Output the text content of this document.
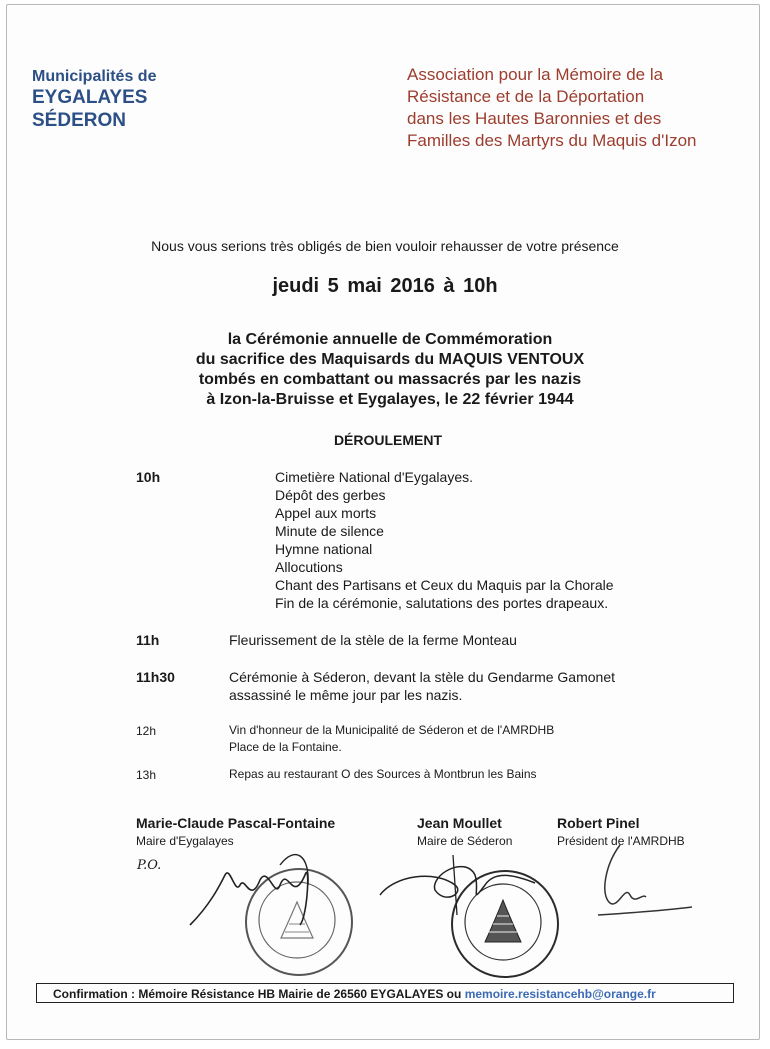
Municipalités de
EYGALAYES
SÉDERON
Association pour la Mémoire de la
Résistance et de la Déportation
dans les Hautes Baronnies et des
Familles des Martyrs du Maquis d'Izon
Nous vous serions très obligés de bien vouloir rehausser de votre présence
jeudi 5 mai 2016 à 10h
la Cérémonie annuelle de Commémoration
du sacrifice des Maquisards du MAQUIS VENTOUX
tombés en combattant ou massacrés par les nazis
à Izon-la-Bruisse et Eygalayes, le 22 février 1944
DÉROULEMENT
10h	Cimetière National d'Eygalayes.
Dépôt des gerbes
Appel aux morts
Minute de silence
Hymne national
Allocutions
Chant des Partisans et Ceux du Maquis par la Chorale
Fin de la cérémonie, salutations des portes drapeaux.
11h	Fleurissement de la stèle de la ferme Monteau
11h30	Cérémonie à Séderon, devant la stèle du Gendarme Gamonet
assassiné le même jour par les nazis.
12h	Vin d'honneur de la Municipalité de Séderon et de l'AMRDHB
Place de la Fontaine.
13h	Repas au restaurant O des Sources à Montbrun les Bains
Marie-Claude Pascal-Fontaine
Maire d'Eygalayes
P.O.
Jean Moullet
Maire de Séderon
Robert Pinel
Président de l'AMRDHB
Confirmation : Mémoire Résistance HB Mairie de 26560 EYGALAYES ou memoire.resistancehb@orange.fr
